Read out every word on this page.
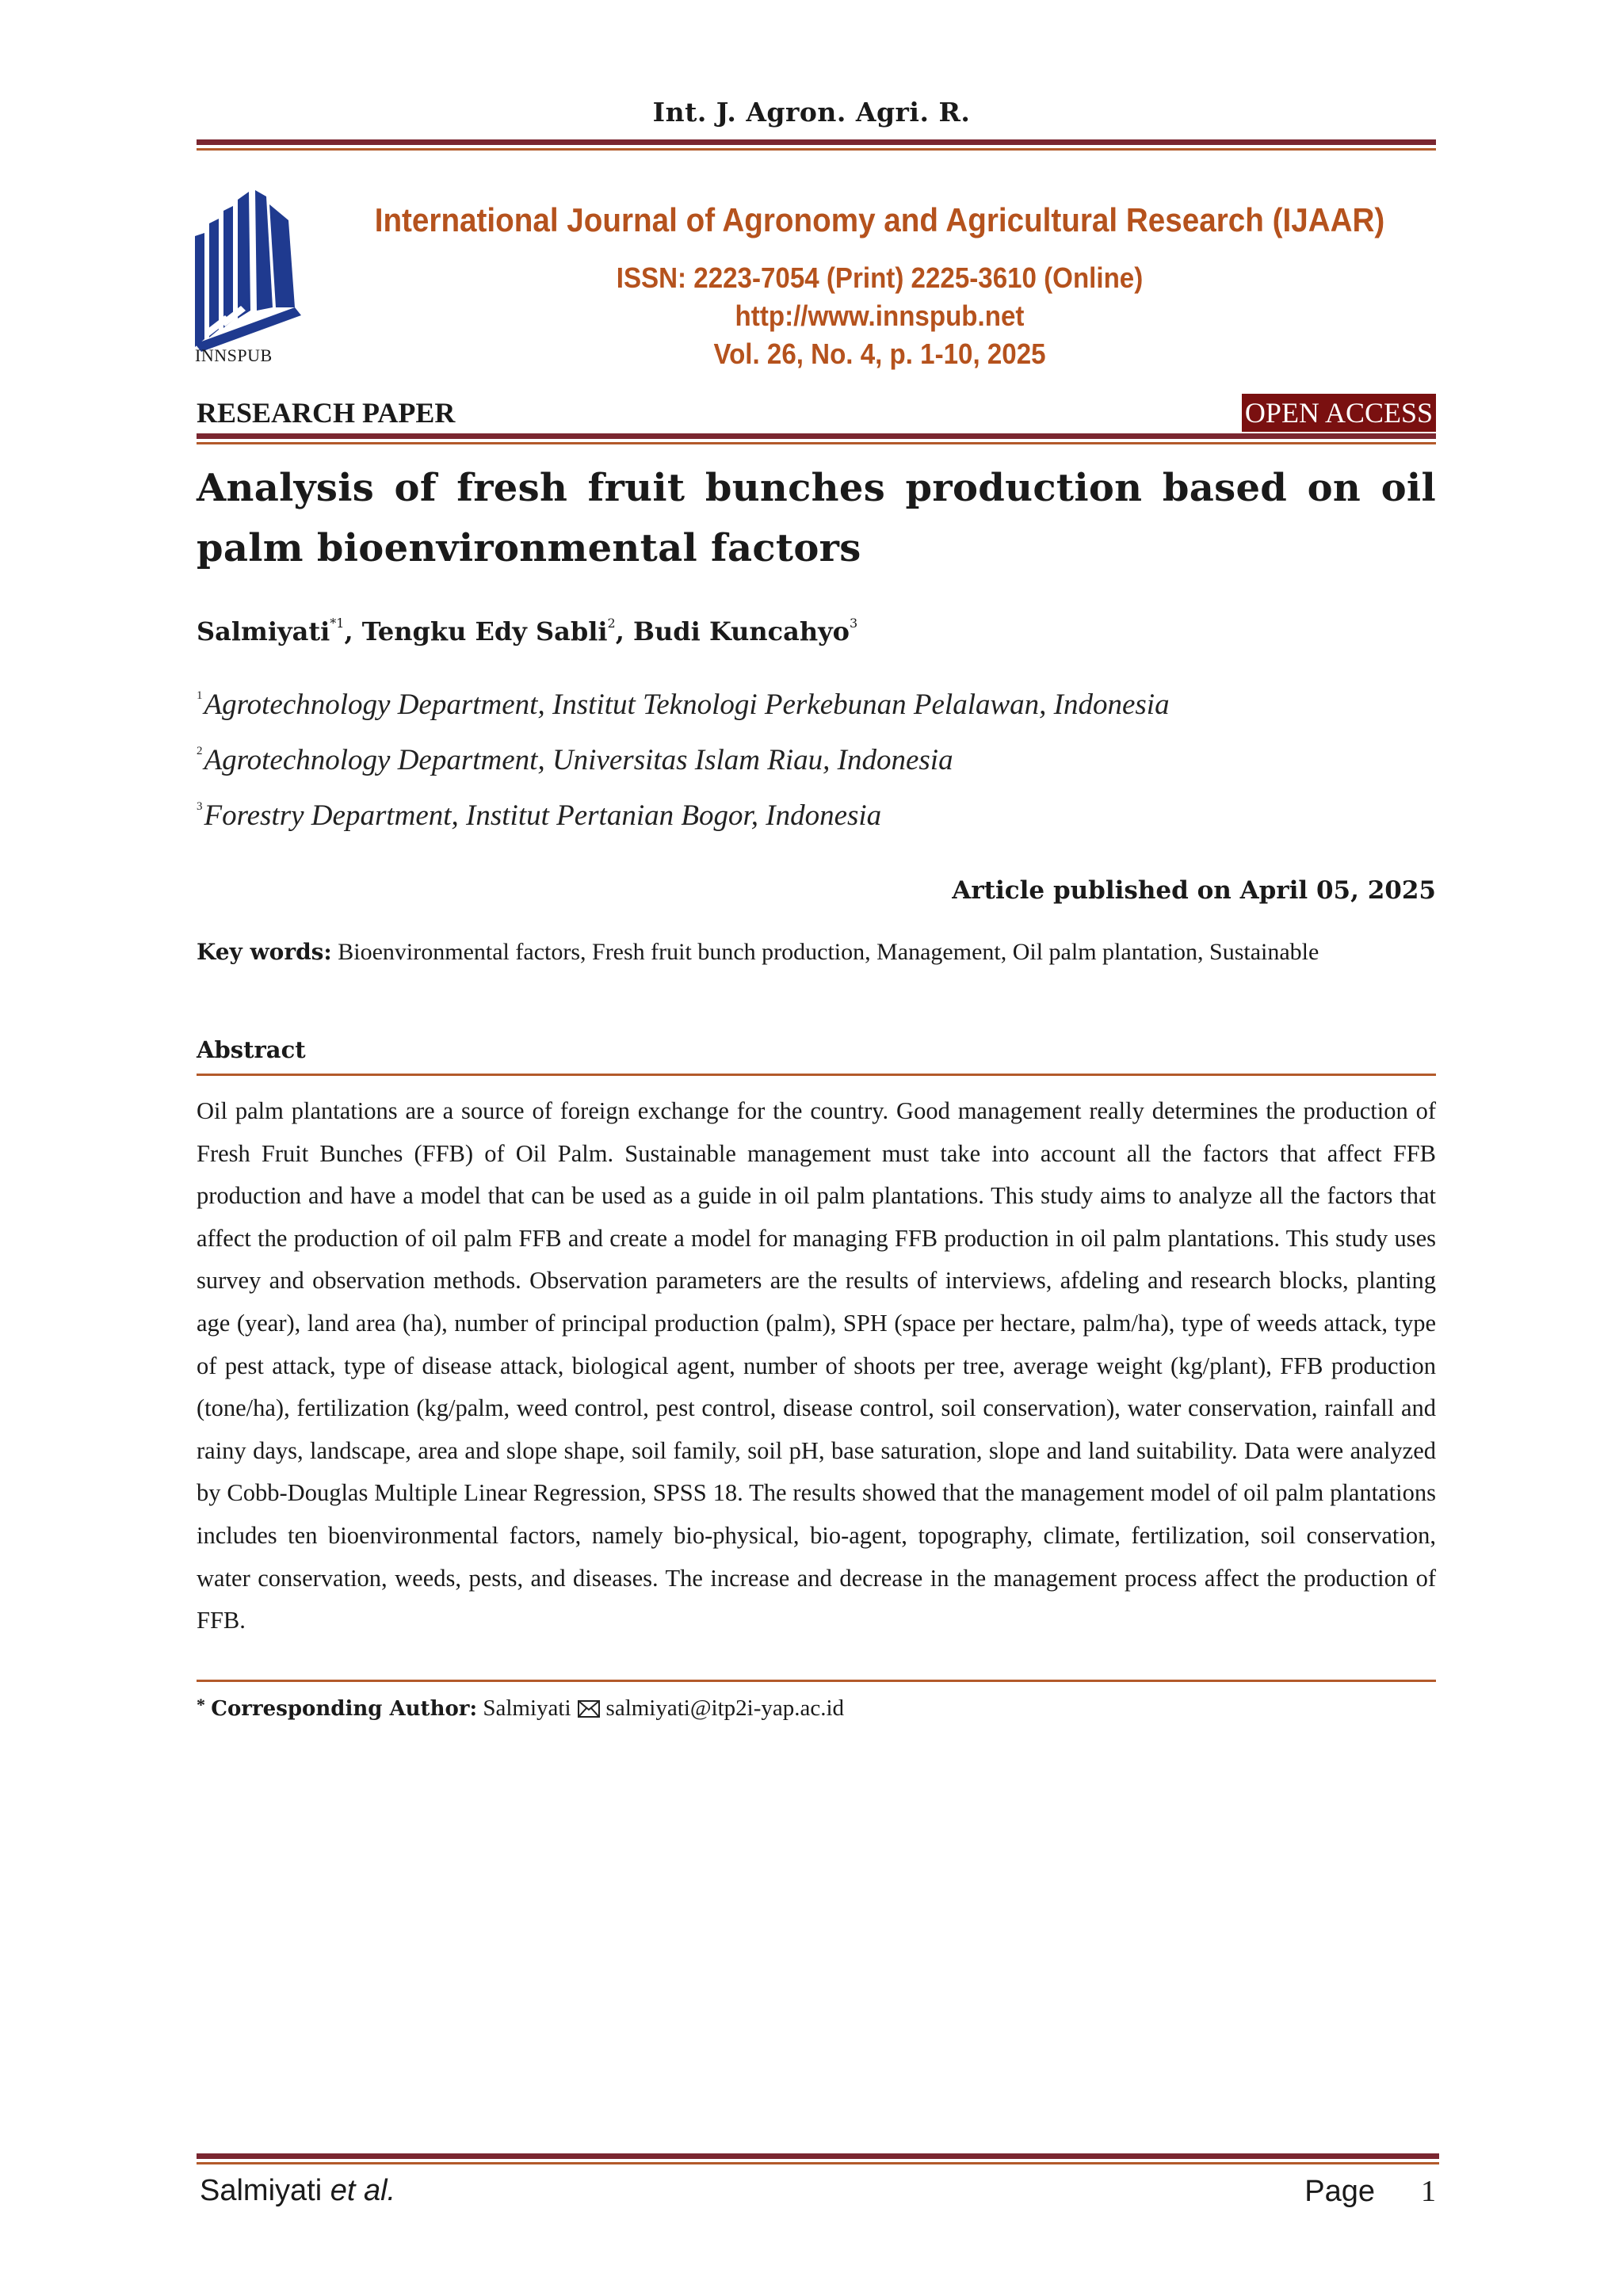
Int. J. Agron. Agri. R.
INNSPUB
International Journal of Agronomy and Agricultural Research (IJAAR)
ISSN: 2223-7054 (Print) 2225-3610 (Online)
http://www.innspub.net
Vol. 26, No. 4, p. 1-10, 2025
RESEARCH PAPER	OPEN ACCESS
Analysis of fresh fruit bunches production based on oil palm bioenvironmental factors
Salmiyati$^{*1}$, Tengku Edy Sabli$^2$, Budi Kuncahyo$^3$
$^1$Agrotechnology Department, Institut Teknologi Perkebunan Pelalawan, Indonesia
$^2$Agrotechnology Department, Universitas Islam Riau, Indonesia
$^3$Forestry Department, Institut Pertanian Bogor, Indonesia
Article published on April 05, 2025
Key words: Bioenvironmental factors, Fresh fruit bunch production, Management, Oil palm plantation, Sustainable
Abstract
Oil palm plantations are a source of foreign exchange for the country. Good management really determines the production of Fresh Fruit Bunches (FFB) of Oil Palm. Sustainable management must take into account all the factors that affect FFB production and have a model that can be used as a guide in oil palm plantations. This study aims to analyze all the factors that affect the production of oil palm FFB and create a model for managing FFB production in oil palm plantations. This study uses survey and observation methods. Observation parameters are the results of interviews, afdeling and research blocks, planting age (year), land area (ha), number of principal production (palm), SPH (space per hectare, palm/ha), type of weeds attack, type of pest attack, type of disease attack, biological agent, number of shoots per tree, average weight (kg/plant), FFB production (tone/ha), fertilization (kg/palm, weed control, pest control, disease control, soil conservation), water conservation, rainfall and rainy days, landscape, area and slope shape, soil family, soil pH, base saturation, slope and land suitability. Data were analyzed by Cobb-Douglas Multiple Linear Regression, SPSS 18. The results showed that the management model of oil palm plantations includes ten bioenvironmental factors, namely bio-physical, bio-agent, topography, climate, fertilization, soil conservation, water conservation, weeds, pests, and diseases. The increase and decrease in the management process affect the production of FFB.
* Corresponding Author: Salmiyati salmiyati@itp2i-yap.ac.id
Salmiyati et al.	Page 1
